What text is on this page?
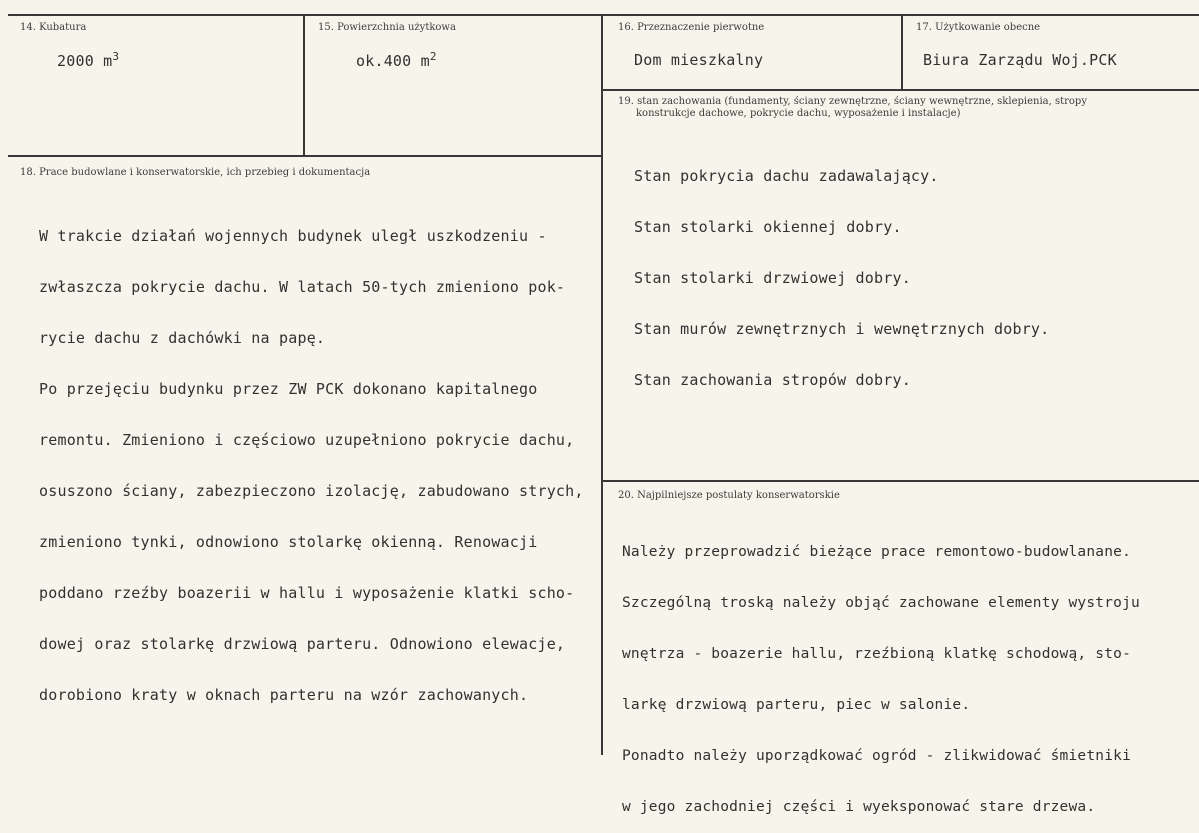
14. Kubatura
2000 $m^3$
15. Powierzchnia użytkowa
ok.400 $m^2$
16. Przeznaczenie pierwotne
Dom mieszkalny
17. Użytkowanie obecne
Biura Zarządu Woj.PCK
18. Prace budowlane i konserwatorskie, ich przebieg i dokumentacja

W trakcie działań wojennych budynek uległ uszkodzeniu -

zwłaszcza pokrycie dachu. W latach 50-tych zmieniono pok-

rycie dachu z dachówki na papę.

Po przejęciu budynku przez ZW PCK dokonano kapitalnego

remontu. Zmieniono i częściowo uzupełniono pokrycie dachu,

osuszono ściany, zabezpieczono izolację, zabudowano strych,

zmieniono tynki, odnowiono stolarkę okienną. Renowacji

poddano rzeźby boazerii w hallu i wyposażenie klatki scho-

dowej oraz stolarkę drzwiową parteru. Odnowiono elewacje,

dorobiono kraty w oknach parteru na wzór zachowanych.

19. stan zachowania (fundamenty, ściany zewnętrzne, ściany wewnętrzne, sklepienia, stropy
konstrukcje dachowe, pokrycie dachu, wyposażenie i instalacje)

Stan pokrycia dachu zadawalający.

Stan stolarki okiennej dobry.

Stan stolarki drzwiowej dobry.

Stan murów zewnętrznych i wewnętrznych dobry.

Stan zachowania stropów dobry.

20. Najpilniejsze postulaty konserwatorskie

Należy przeprowadzić bieżące prace remontowo-budowlanane.

Szczególną troską należy objąć zachowane elementy wystroju

wnętrza - boazerie hallu, rzeźbioną klatkę schodową, sto-

larkę drzwiową parteru, piec w salonie.

Ponadto należy uporządkować ogród - zlikwidować śmietniki

w jego zachodniej części i wyeksponować stare drzewa.
